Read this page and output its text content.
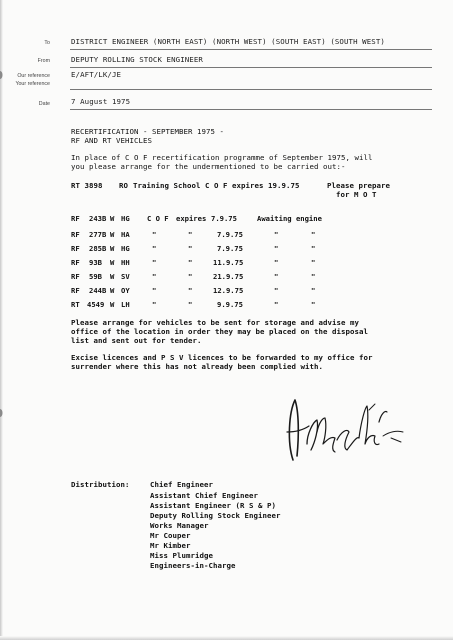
To	DISTRICT ENGINEER (NORTH EAST) (NORTH WEST) (SOUTH EAST) (SOUTH WEST)
From	DEPUTY ROLLING STOCK ENGINEER
Our reference	E/AFT/LK/JE
Your reference
Date	7 August 1975
RECERTIFICATION - SEPTEMBER 1975 -
RF AND RT VEHICLES
In place of C O F recertification programme of September 1975, will
you please arrange for the undermentioned to be carried out:-
RT 3898 RO Training School C O F expires 19.9.75	Please prepare
for M O T
RF 243B W HG C O F expires 7.9.75	Awaiting engine
RF 277B W HA	"	"	7.9.75	"	"
RF 285B W HG	"	"	7.9.75	"	"
RF 93B W HH	"	"	11.9.75	"	"
RF 59B W SV	"	"	21.9.75	"	"
RF 244B W OY	"	"	12.9.75	"	"
RT 4549 W LH	"	"	9.9.75	"	"
Please arrange for vehicles to be sent for storage and advise my
office of the location in order they may be placed on the disposal
list and sent out for tender.
Excise licences and P S V licences to be forwarded to my office for
surrender where this has not already been complied with.
Distribution:	Chief Engineer
Assistant Chief Engineer
Assistant Engineer (R S & P)
Deputy Rolling Stock Engineer
Works Manager
Mr Couper
Mr Kimber
Miss Plumridge
Engineers-in-Charge
